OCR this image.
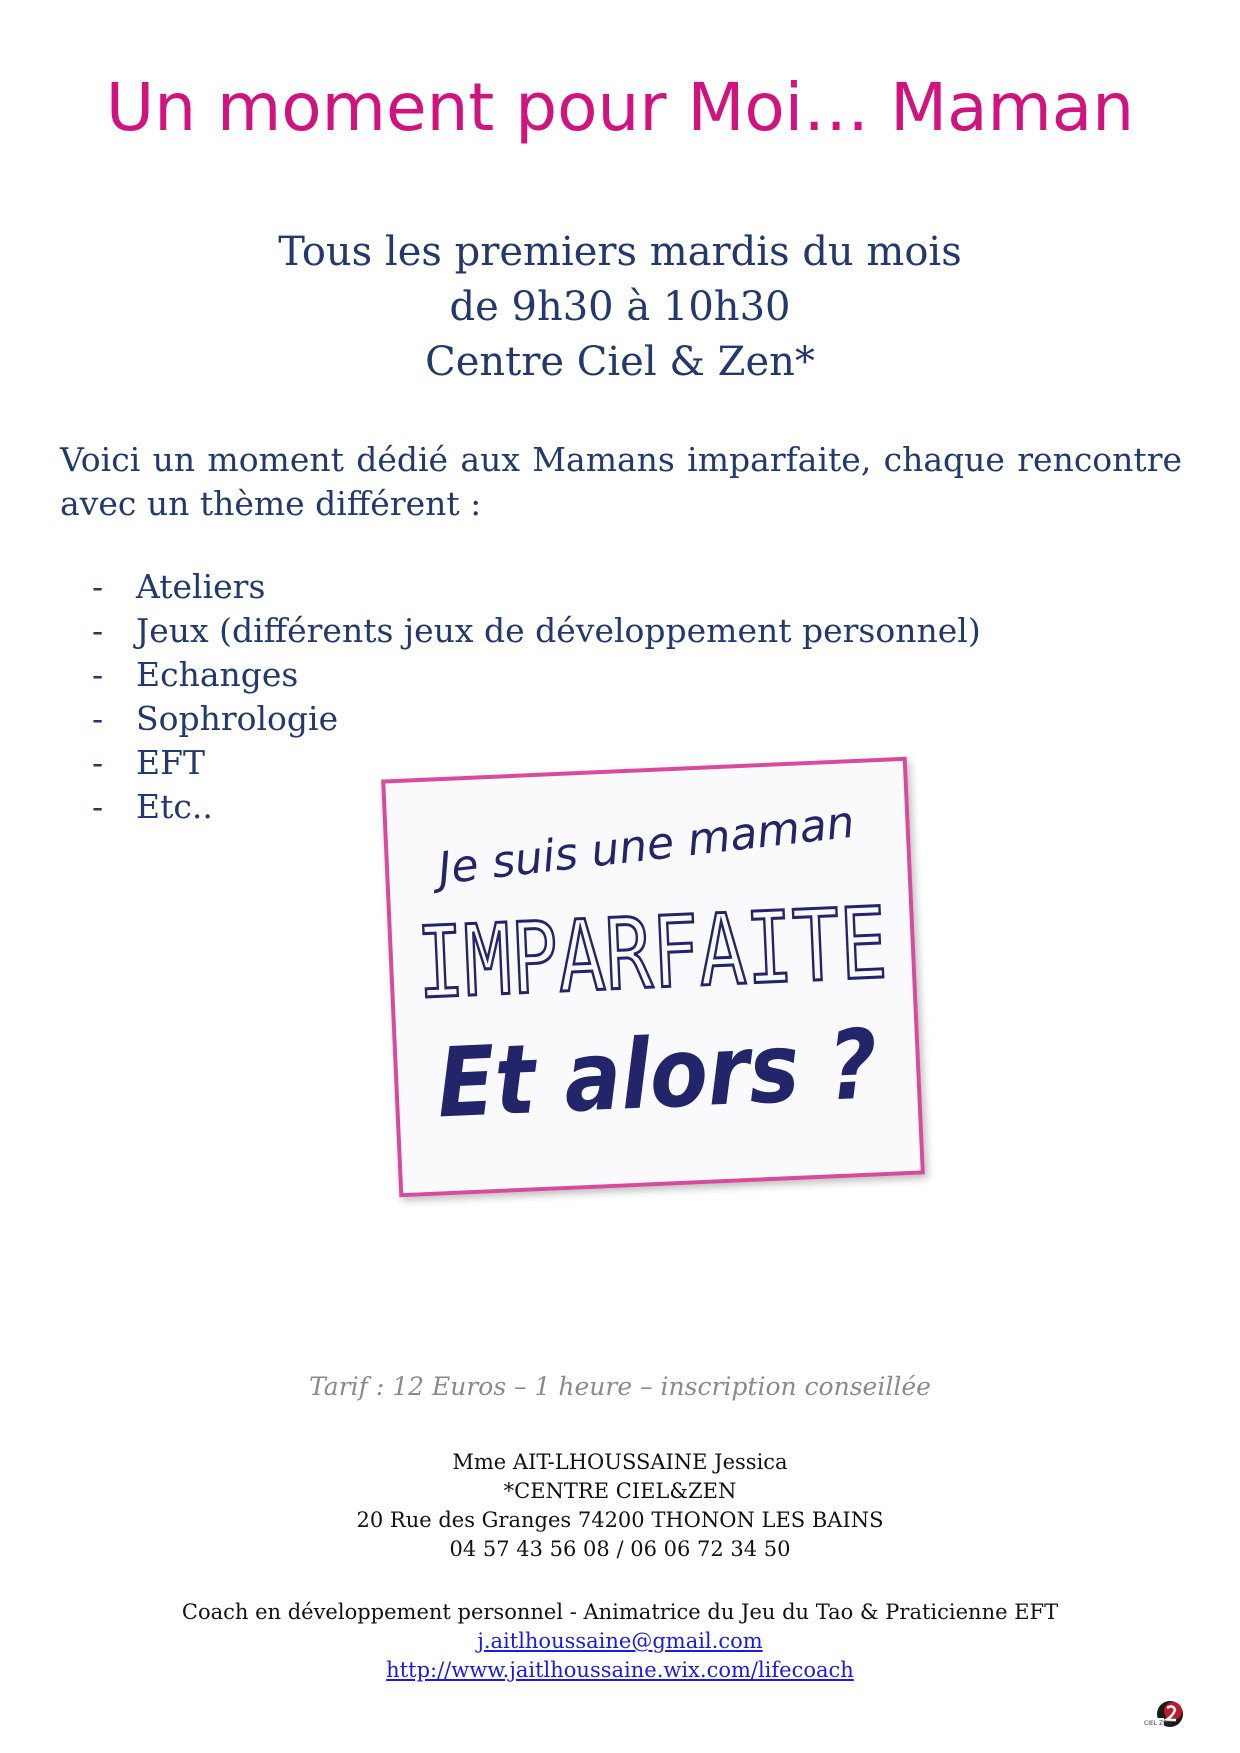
Un moment pour Moi… Maman
Tous les premiers mardis du mois
de 9h30 à 10h30
Centre Ciel & Zen*

Voici un moment dédié aux Mamans imparfaite, chaque rencontre avec un thème différent :

- Ateliers
- Jeux (différents jeux de développement personnel)
- Echanges
- Sophrologie
- EFT
- Etc..	Je suis une maman
IMPARFAITE
Et alors ?
Tarif : 12 Euros – 1 heure – inscription conseillée
Mme AIT-LHOUSSAINE Jessica
*CENTRE CIEL&ZEN
20 Rue des Granges 74200 THONON LES BAINS
04 57 43 56 08 / 06 06 72 34 50
Coach en développement personnel - Animatrice du Jeu du Tao & Praticienne EFT
j.aitlhoussaine@gmail.com
http://www.jaitlhoussaine.wix.com/lifecoach
CIEL ZEN
